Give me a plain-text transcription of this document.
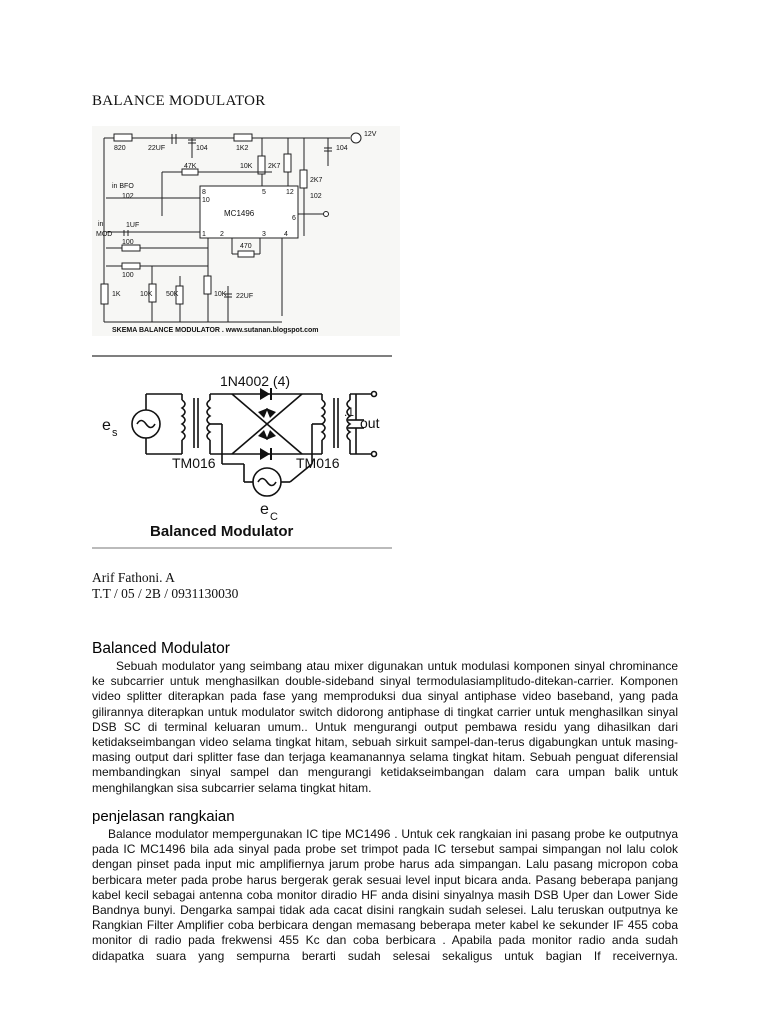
BALANCE MODULATOR
12V
820	22UF	104	1K2	104
10K 2K7
2K7
102
47K
in BFO
102
MC1496
in
MOD
1UF
100
100
470
1K	10K 50K	10K 22UF
10
8	5	12
6
1 2	3	4
SKEMA BALANCE MODULATOR . www.sutanan.blogspot.com
1N4002 (4)
e s
TM016	TM016
.1
out
e C
Balanced Modulator
Arif Fathoni. A
T.T / 05 / 2B / 0931130030
Balanced Modulator

Sebuah modulator yang seimbang atau mixer digunakan untuk modulasi komponen sinyal chrominance ke subcarrier untuk menghasilkan double-sideband sinyal termodulasiamplitudo-ditekan-carrier. Komponen video splitter diterapkan pada fase yang memproduksi dua sinyal antiphase video baseband, yang pada gilirannya diterapkan untuk modulator switch didorong antiphase di tingkat carrier untuk menghasilkan sinyal DSB SC di terminal keluaran umum.. Untuk mengurangi output pembawa residu yang dihasilkan dari ketidakseimbangan video selama tingkat hitam, sebuah sirkuit sampel-dan-terus digabungkan untuk masing-masing output dari splitter fase dan terjaga keamanannya selama tingkat hitam. Sebuah penguat diferensial membandingkan sinyal sampel dan mengurangi ketidakseimbangan dalam cara umpan balik untuk menghilangkan sisa subcarrier selama tingkat hitam.

penjelasan rangkaian

Balance modulator mempergunakan IC tipe MC1496 . Untuk cek rangkaian ini pasang probe ke outputnya pada IC MC1496 bila ada sinyal pada probe set trimpot pada IC tersebut sampai simpangan nol lalu colok dengan pinset pada input mic amplifiernya jarum probe harus ada simpangan. Lalu pasang micropon coba berbicara meter pada probe harus bergerak gerak sesuai level input bicara anda. Pasang beberapa panjang kabel kecil sebagai antenna coba monitor diradio HF anda disini sinyalnya masih DSB Uper dan Lower Side Bandnya bunyi. Dengarka sampai tidak ada cacat disini rangkain sudah selesei. Lalu teruskan outputnya ke Rangkian Filter Amplifier coba berbicara dengan memasang beberapa meter kabel ke sekunder IF 455 coba monitor di radio pada frekwensi 455 Kc dan coba berbicara . Apabila pada monitor radio anda sudah didapatka suara yang sempurna berarti sudah selesai sekaligus untuk bagian If receivernya.
